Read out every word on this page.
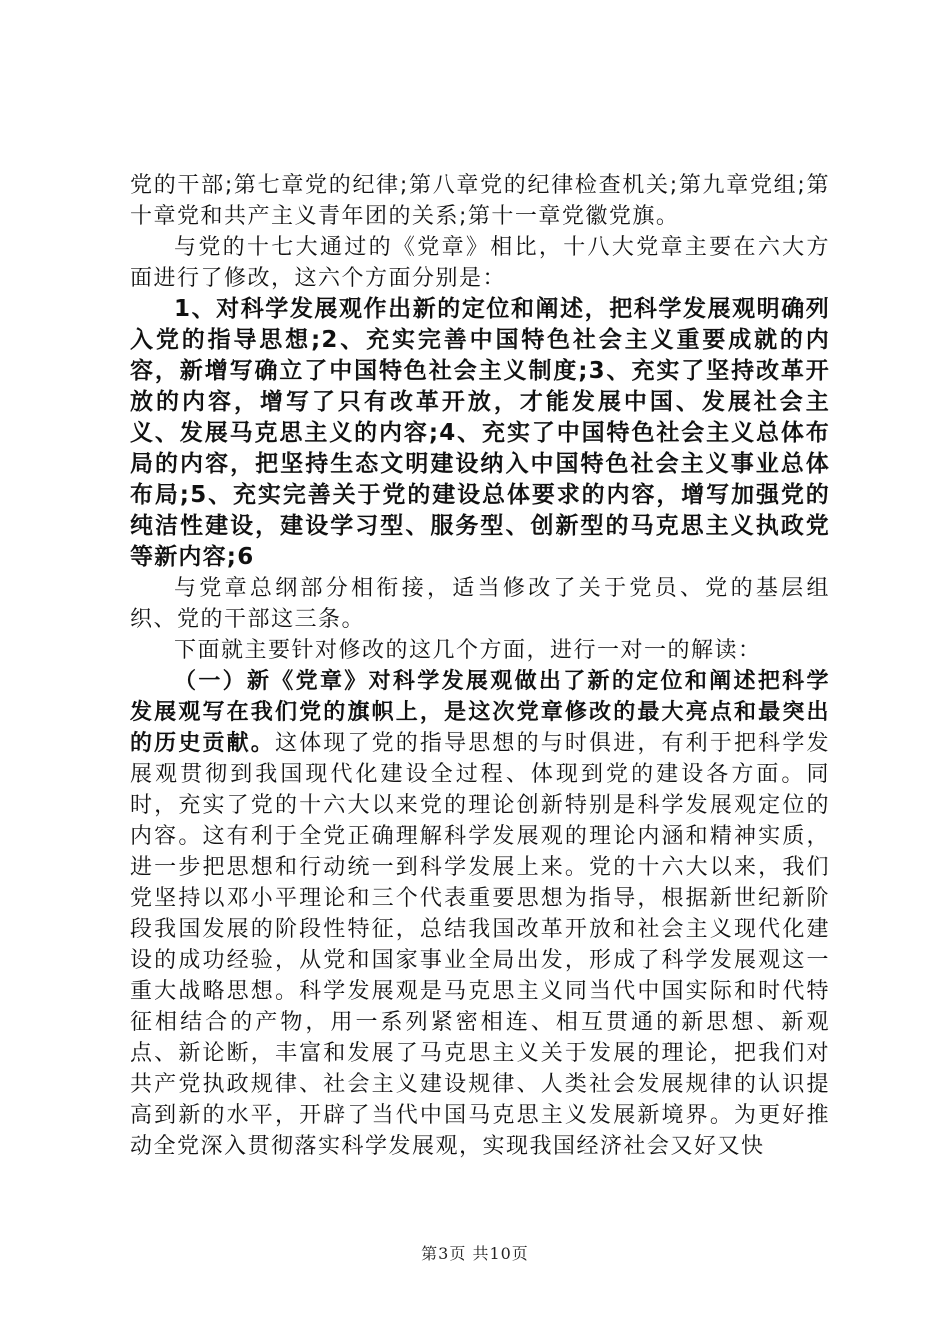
党的干部;第七章党的纪律;第八章党的纪律检查机关;第九章党组;第十章党和共产主义青年团的关系;第十一章党徽党旗。

与党的十七大通过的《党章》相比，十八大党章主要在六大方面进行了修改，这六个方面分别是：

1、对科学发展观作出新的定位和阐述，把科学发展观明确列入党的指导思想;2、充实完善中国特色社会主义重要成就的内容，新增写确立了中国特色社会主义制度;3、充实了坚持改革开放的内容，增写了只有改革开放，才能发展中国、发展社会主义、发展马克思主义的内容;4、充实了中国特色社会主义总体布局的内容，把坚持生态文明建设纳入中国特色社会主义事业总体布局;5、充实完善关于党的建设总体要求的内容，增写加强党的纯洁性建设，建设学习型、服务型、创新型的马克思主义执政党等新内容;6

与党章总纲部分相衔接，适当修改了关于党员、党的基层组织、党的干部这三条。

下面就主要针对修改的这几个方面，进行一对一的解读：

（一）新《党章》对科学发展观做出了新的定位和阐述把科学发展观写在我们党的旗帜上，是这次党章修改的最大亮点和最突出的历史贡献。这体现了党的指导思想的与时俱进，有利于把科学发展观贯彻到我国现代化建设全过程、体现到党的建设各方面。同时，充实了党的十六大以来党的理论创新特别是科学发展观定位的内容。这有利于全党正确理解科学发展观的理论内涵和精神实质，进一步把思想和行动统一到科学发展上来。党的十六大以来，我们党坚持以邓小平理论和三个代表重要思想为指导，根据新世纪新阶段我国发展的阶段性特征，总结我国改革开放和社会主义现代化建设的成功经验，从党和国家事业全局出发，形成了科学发展观这一重大战略思想。科学发展观是马克思主义同当代中国实际和时代特征相结合的产物，用一系列紧密相连、相互贯通的新思想、新观点、新论断，丰富和发展了马克思主义关于发展的理论，把我们对共产党执政规律、社会主义建设规律、人类社会发展规律的认识提高到新的水平，开辟了当代中国马克思主义发展新境界。为更好推动全党深入贯彻落实科学发展观，实现我国经济社会又好又快

第3页 共10页
